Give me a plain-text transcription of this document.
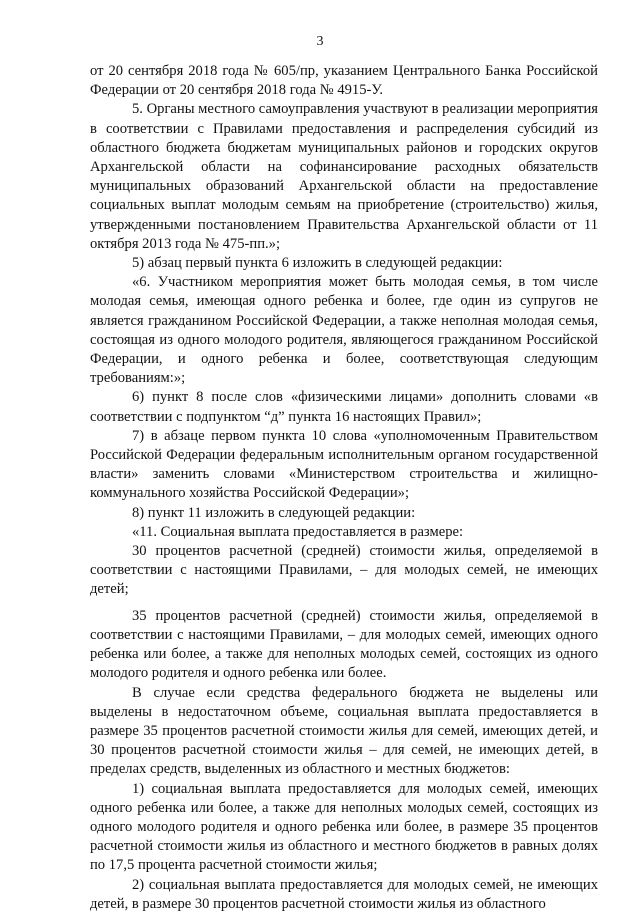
3

от 20 сентября 2018 года № 605/пр, указанием Центрального Банка Российской Федерации от 20 сентября 2018 года № 4915-У.

5. Органы местного самоуправления участвуют в реализации мероприятия в соответствии с Правилами предоставления и распределения субсидий из областного бюджета бюджетам муниципальных районов и городских округов Архангельской области на софинансирование расходных обязательств муниципальных образований Архангельской области на предоставление социальных выплат молодым семьям на приобретение (строительство) жилья, утвержденными постановлением Правительства Архангельской области от 11 октября 2013 года № 475-пп.»;

5) абзац первый пункта 6 изложить в следующей редакции:

«6. Участником мероприятия может быть молодая семья, в том числе молодая семья, имеющая одного ребенка и более, где один из супругов не является гражданином Российской Федерации, а также неполная молодая семья, состоящая из одного молодого родителя, являющегося гражданином Российской Федерации, и одного ребенка и более, соответствующая следующим требованиям:»;

6) пункт 8 после слов «физическими лицами» дополнить словами «в соответствии с подпунктом “д” пункта 16 настоящих Правил»;

7) в абзаце первом пункта 10 слова «уполномоченным Правительством Российской Федерации федеральным исполнительным органом государственной власти» заменить словами «Министерством строительства и жилищно-коммунального хозяйства Российской Федерации»;

8) пункт 11 изложить в следующей редакции:

«11. Социальная выплата предоставляется в размере:

30 процентов расчетной (средней) стоимости жилья, определяемой в соответствии с настоящими Правилами, – для молодых семей, не имеющих детей;

35 процентов расчетной (средней) стоимости жилья, определяемой в соответствии с настоящими Правилами, – для молодых семей, имеющих одного ребенка или более, а также для неполных молодых семей, состоящих из одного молодого родителя и одного ребенка или более.

В случае если средства федерального бюджета не выделены или выделены в недостаточном объеме, социальная выплата предоставляется в размере 35 процентов расчетной стоимости жилья для семей, имеющих детей, и 30 процентов расчетной стоимости жилья – для семей, не имеющих детей, в пределах средств, выделенных из областного и местных бюджетов:

1) социальная выплата предоставляется для молодых семей, имеющих одного ребенка или более, а также для неполных молодых семей, состоящих из одного молодого родителя и одного ребенка или более, в размере 35 процентов расчетной стоимости жилья из областного и местного бюджетов в равных долях по 17,5 процента расчетной стоимости жилья;

2) социальная выплата предоставляется для молодых семей, не имеющих детей, в размере 30 процентов расчетной стоимости жилья из областного
